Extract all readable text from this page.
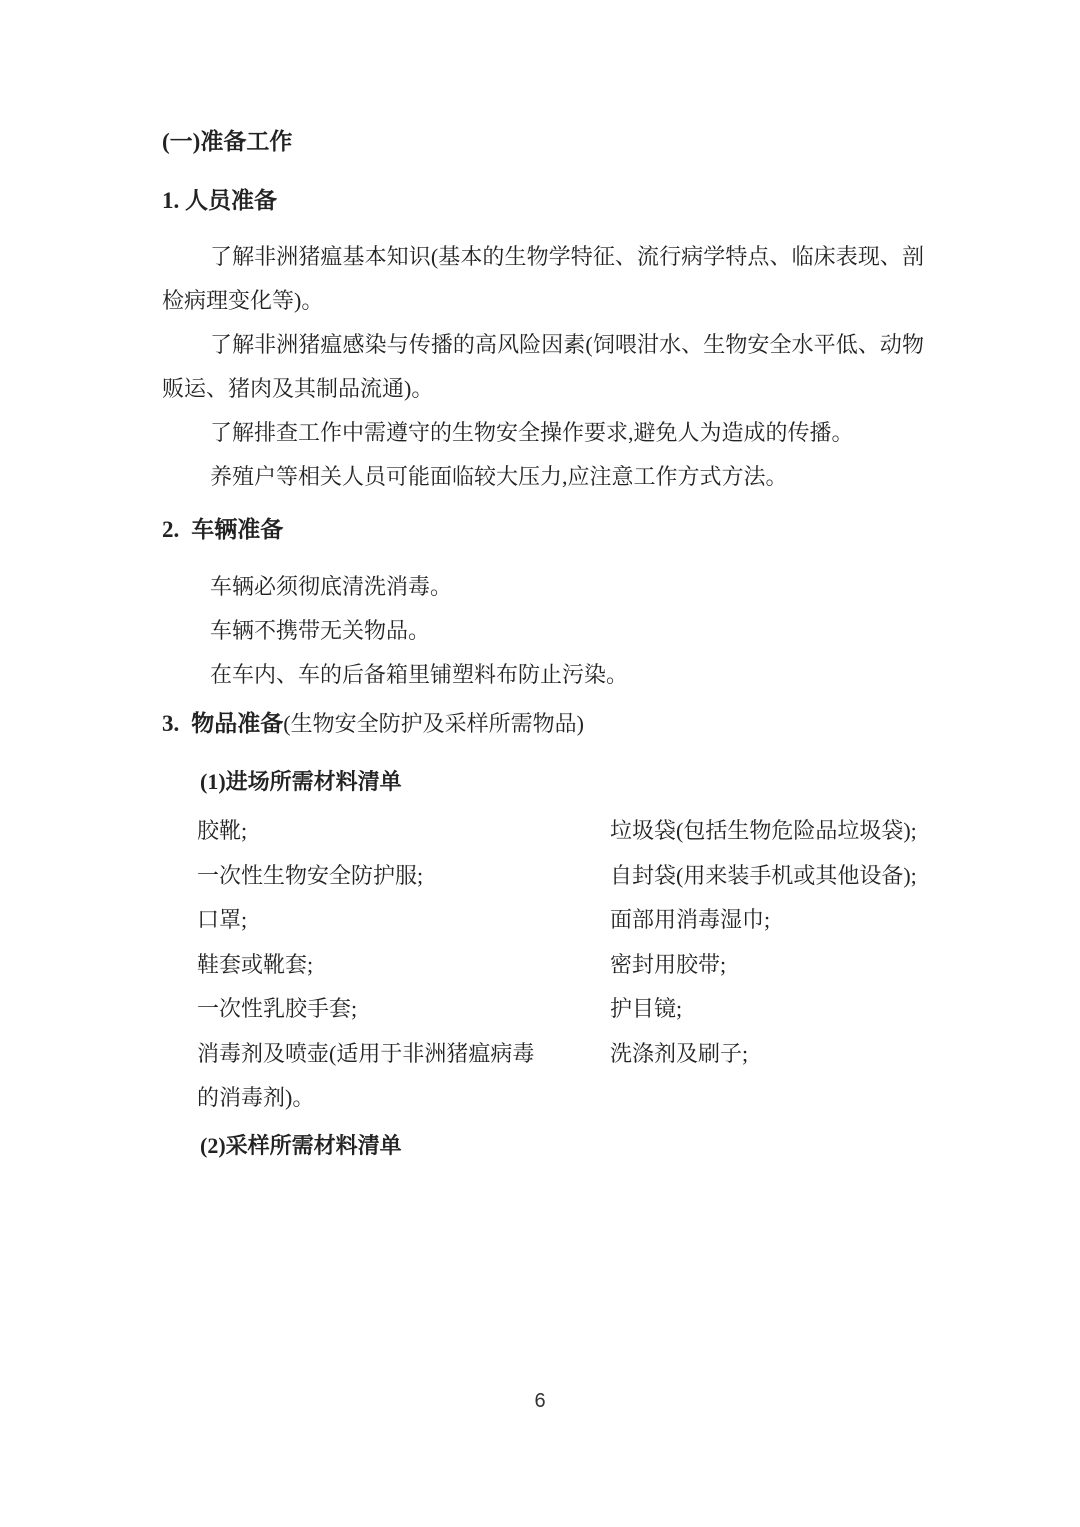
(一)准备工作
1. 人员准备

了解非洲猪瘟基本知识(基本的生物学特征、流行病学特点、临床表现、剖检病理变化等)。

了解非洲猪瘟感染与传播的高风险因素(饲喂泔水、生物安全水平低、动物贩运、猪肉及其制品流通)。

了解排查工作中需遵守的生物安全操作要求,避免人为造成的传播。

养殖户等相关人员可能面临较大压力,应注意工作方式方法。

2. 车辆准备

车辆必须彻底清洗消毒。

车辆不携带无关物品。

在车内、车的后备箱里铺塑料布防止污染。

3. 物品准备(生物安全防护及采样所需物品)
(1)进场所需材料清单
胶靴;
一次性生物安全防护服;
口罩;
鞋套或靴套;
一次性乳胶手套;
消毒剂及喷壶(适用于非洲猪瘟病毒
的消毒剂)。
垃圾袋(包括生物危险品垃圾袋);
自封袋(用来装手机或其他设备);
面部用消毒湿巾;
密封用胶带;
护目镜;
洗涤剂及刷子;
(2)采样所需材料清单
6
